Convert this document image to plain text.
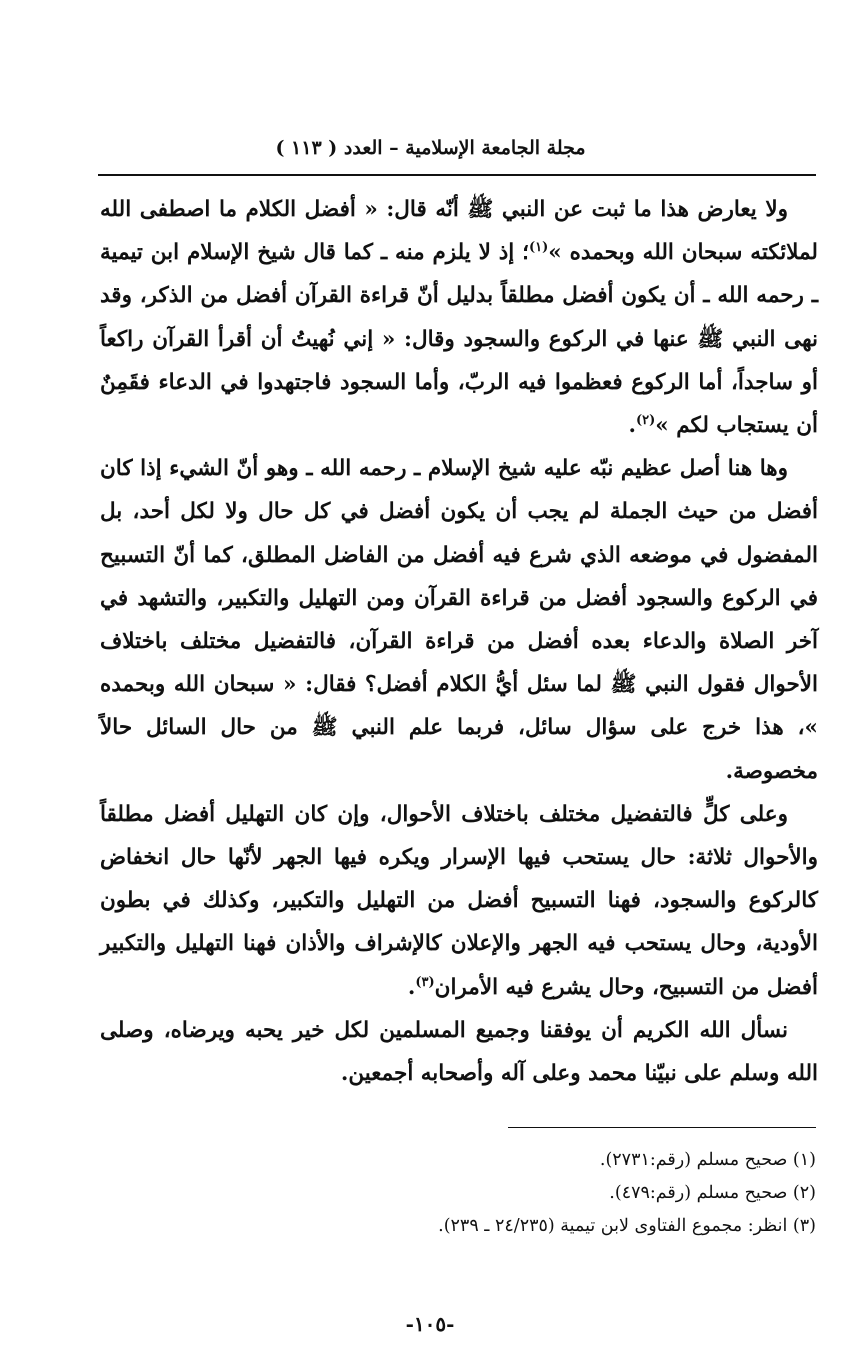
مجلة الجامعة الإسلامية – العدد ( ١١٣ )

ولا يعارض هذا ما ثبت عن النبي ﷺ أنّه قال: « أفضل الكلام ما اصطفى الله لملائكته سبحان الله وبحمده »$^{(١)}$؛ إذ لا يلزم منه ـ كما قال شيخ الإسلام ابن تيمية ـ رحمه الله ـ أن يكون أفضل مطلقاً بدليل أنّ قراءة القرآن أفضل من الذكر، وقد نهى النبي ﷺ عنها في الركوع والسجود وقال: « إني نُهيتُ أن أقرأ القرآن راكعاً أو ساجداً، أما الركوع فعظموا فيه الربّ، وأما السجود فاجتهدوا في الدعاء فقَمِنٌ أن يستجاب لكم »$^{(٢)}$.

وها هنا أصل عظيم نبّه عليه شيخ الإسلام ـ رحمه الله ـ وهو أنّ الشيء إذا كان أفضل من حيث الجملة لم يجب أن يكون أفضل في كل حال ولا لكل أحد، بل المفضول في موضعه الذي شرع فيه أفضل من الفاضل المطلق، كما أنّ التسبيح في الركوع والسجود أفضل من قراءة القرآن ومن التهليل والتكبير، والتشهد في آخر الصلاة والدعاء بعده أفضل من قراءة القرآن، فالتفضيل مختلف باختلاف الأحوال فقول النبي ﷺ لما سئل أيُّ الكلام أفضل؟ فقال: « سبحان الله وبحمده »، هذا خرج على سؤال سائل، فربما علم النبي ﷺ من حال السائل حالاً مخصوصة.

وعلى كلٍّ فالتفضيل مختلف باختلاف الأحوال، وإن كان التهليل أفضل مطلقاً والأحوال ثلاثة: حال يستحب فيها الإسرار ويكره فيها الجهر لأنّها حال انخفاض كالركوع والسجود، فهنا التسبيح أفضل من التهليل والتكبير، وكذلك في بطون الأودية، وحال يستحب فيه الجهر والإعلان كالإشراف والأذان فهنا التهليل والتكبير أفضل من التسبيح، وحال يشرع فيه الأمران$^{(٣)}$.

نسأل الله الكريم أن يوفقنا وجميع المسلمين لكل خير يحبه ويرضاه، وصلى الله وسلم على نبيّنا محمد وعلى آله وأصحابه أجمعين.

(١) صحيح مسلم (رقم:٢٧٣١).
(٢) صحيح مسلم (رقم:٤٧٩).
(٣) انظر: مجموع الفتاوى لابن تيمية (٢٤/٢٣٥ ـ ٢٣٩).
-١٠٥-
